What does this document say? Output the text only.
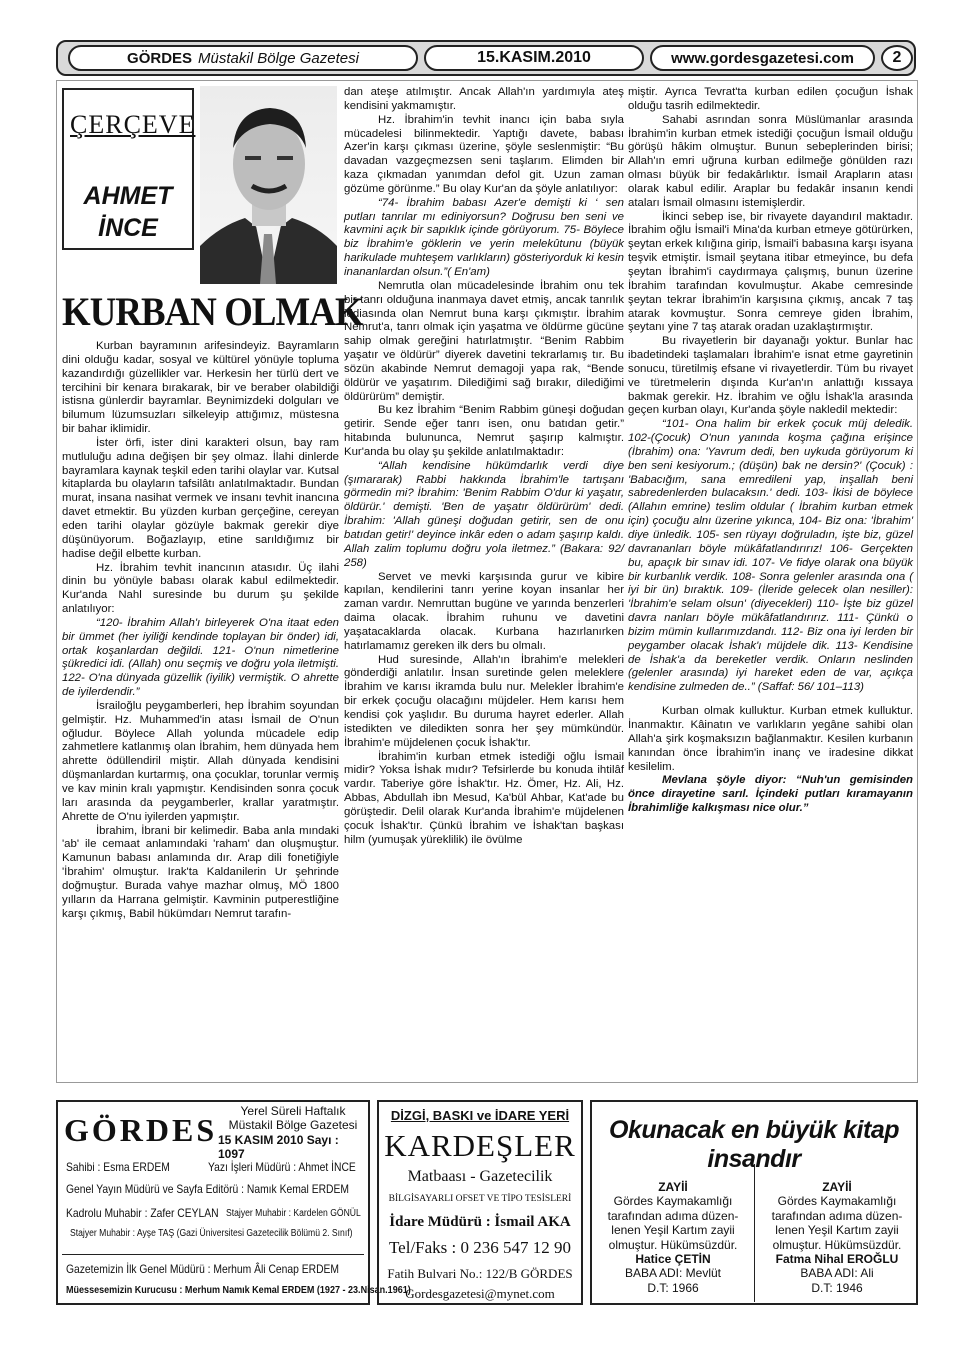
GÖRDES Müstakil Bölge Gazetesi	15.KASIM.2010	www.gordesgazetesi.com	2
ÇERÇEVE
AHMET
İNCE
KURBAN OLMAK

Kurban bayramının arifesindeyiz. Bayramların dini olduğu kadar, sosyal ve kültürel yönüyle topluma kazandırdığı güzellikler var. Herkesin her türlü dert ve tercihini bir kenara bırakarak, bir ve beraber olabildiği istisna günlerdir bayramlar. Beynimizdeki dolguları ve bilumum lüzumsuzları silkeleyip attığımız, müstesna bir bahar iklimidir.

İster örfi, ister dini karakteri olsun, bay ram mutluluğu adına değişen bir şey olmaz. İlahi dinlerde bayramlara kaynak teşkil eden tarihi olaylar var. Kutsal kitaplarda bu olayların tafsilâtı anlatılmaktadır. Bundan murat, insana nasihat vermek ve insanı tevhit inancına davet etmektir. Bu yüzden kurban gerçeğine, cereyan eden tarihi olaylar gözüyle bakmak gerekir diye düşünüyorum. Boğazlayıp, etine sarıldığımız bir hadise değil elbette kurban.

Hz. İbrahim tevhit inancının atasıdır. Üç ilahi dinin bu yönüyle babası olarak kabul edilmektedir. Kur'anda Nahl suresinde bu durum şu şekilde anlatılıyor:

“120- İbrahim Allah'ı birleyerek O'na itaat eden bir ümmet (her iyiliği kendinde toplayan bir önder) idi, ortak koşanlardan değildi. 121- O'nun nimetlerine şükredici idi. (Allah) onu seçmiş ve doğru yola iletmişti. 122- O'na dünyada güzellik (iyilik) vermiştik. O ahrette de iyilerdendir.”

İsrailoğlu peygamberleri, hep İbrahim soyundan gelmiştir. Hz. Muhammed'in atası İsmail de O'nun oğludur. Böylece Allah yolunda mücadele edip zahmetlere katlanmış olan İbrahim, hem dünyada hem ahrette ödüllendiril miştir. Allah dünyada kendisini düşmanlardan kurtarmış, ona çocuklar, torunlar vermiş ve kav minin kralı yapmıştır. Kendisinden sonra çocuk ları arasında da peygamberler, krallar yaratmıştır. Ahrette de O'nu iyilerden yapmıştır.

İbrahim, İbrani bir kelimedir. Baba anla mındaki 'ab' ile cemaat anlamındaki 'raham' dan oluşmuştur. Kamunun babası anlamında dır. Arap dili fonetiğiyle 'İbrahim' olmuştur. Irak'ta Kaldanilerin Ur şehrinde doğmuştur. Burada vahye mazhar olmuş, MÖ 1800 yılların da Harrana gelmiştir. Kavminin putperestliğine karşı çıkmış, Babil hükümdarı Nemrut tarafın-

dan ateşe atılmıştır. Ancak Allah'ın yardımıyla ateş kendisini yakmamıştır.

Hz. İbrahim'in tevhit inancı için baba sıyla mücadelesi bilinmektedir. Yaptığı davete, babası Azer'in karşı çıkması üzerine, şöyle seslenmiştir: “Bu davadan vazgeçmezsen seni taşlarım. Elimden bir kaza çıkmadan yanımdan defol git. Uzun zaman gözüme görünme.” Bu olay Kur'an da şöyle anlatılıyor:

“74- İbrahim babası Azer'e demişti ki ‘ sen putları tanrılar mı ediniyorsun? Doğrusu ben seni ve kavmini açık bir sapıklık içinde görüyorum. 75- Böylece biz İbrahim'e göklerin ve yerin melekûtunu (büyük harikulade muhteşem varlıkların) gösteriyorduk ki kesin inananlardan olsun.”( En'am)

Nemrutla olan mücadelesinde İbrahim onu tek bir tanrı olduğuna inanmaya davet etmiş, ancak tanrılık iddiasında olan Nemrut buna karşı çıkmıştır. İbrahim Nemrut'a, tanrı olmak için yaşatma ve öldürme gücüne sahip olmak gereğini hatırlatmıştır. “Benim Rabbim yaşatır ve öldürür” diyerek davetini tekrarlamış tır. Bu sözün akabinde Nemrut demagoji yapa rak, “Bende öldürür ve yaşatırım. Dilediğimi sağ bırakır, dilediğimi öldürürüm” demiştir.

Bu kez İbrahim “Benim Rabbim güneşi doğudan getirir. Sende eğer tanrı isen, onu batıdan getir.” hitabında bulununca, Nemrut şaşırıp kalmıştır. Kur'anda bu olay şu şekilde anlatılmaktadır:

“Allah kendisine hükümdarlık verdi diye (şımararak) Rabbi hakkında İbrahim'le tartışanı görmedin mi? İbrahim: 'Benim Rabbim O'dur ki yaşatır, öldürür.' demişti. 'Ben de yaşatır öldürürüm' dedi. İbrahim: 'Allah güneşi doğudan getirir, sen de onu batıdan getir!' deyince inkâr eden o adam şaşırıp kaldı. Allah zalim toplumu doğru yola iletmez.” (Bakara: 92/ 258)

Servet ve mevki karşısında gurur ve kibire kapılan, kendilerini tanrı yerine koyan insanlar her zaman vardır. Nemruttan bugüne ve yarında benzerleri daima olacak. İbrahim ruhunu ve davetini yaşatacaklarda olacak. Kurbana hazırlanırken hatırlamamız gereken ilk ders bu olmalı.

Hud suresinde, Allah'ın İbrahim'e melekleri gönderdiği anlatılır. İnsan suretinde gelen meleklere İbrahim ve karısı ikramda bulu nur. Melekler İbrahim'e bir erkek çocuğu olacağını müjdeler. Hem karısı hem kendisi çok yaşlıdır. Bu duruma hayret ederler. Allah istedikten ve diledikten sonra her şey mümkündür. İbrahim'e müjdelenen çocuk İshak'tır.

İbrahim'in kurban etmek istediği oğlu İsmail midir? Yoksa İshak mıdır? Tefsirlerde bu konuda ihtilâf vardır. Taberiye göre İshak'tır. Hz. Ömer, Hz. Ali, Hz. Abbas, Abdullah ibn Mesud, Ka'bül Ahbar, Kat'ade bu görüştedir. Delil olarak Kur'anda İbrahim'e müjdelenen çocuk İshak'tır. Çünkü İbrahim ve İshak'tan başkası hilm (yumuşak yüreklilik) ile övülme

miştir. Ayrıca Tevrat'ta kurban edilen çocuğun İshak olduğu tasrih edilmektedir.

Sahabi asrından sonra Müslümanlar arasında İbrahim'in kurban etmek istediği çocuğun İsmail olduğu görüşü hâkim olmuştur. Bunun sebeplerinden birisi; Allah'ın emri uğruna kurban edilmeğe gönülden razı olması büyük bir fedakârlıktır. İsmail Arapların atası olarak kabul edilir. Araplar bu fedakâr insanın kendi ataları İsmail olmasını istemişlerdir.

İkinci sebep ise, bir rivayete dayandırıl maktadır. İbrahim oğlu İsmail'i Mina'da kurban etmeye götürürken, şeytan erkek kılığına girip, İsmail'i babasına karşı isyana teşvik etmiştir. İsmail şeytana itibar etmeyince, bu defa şeytan İbrahim'i caydırmaya çalışmış, bunun üzerine İbrahim tarafından kovulmuştur. Akabe cemresinde şeytan tekrar İbrahim'in karşısına çıkmış, ancak 7 taş atarak kovmuştur. Sonra cemreye giden İbrahim, şeytanı yine 7 taş atarak oradan uzaklaştırmıştır.

Bu rivayetlerin bir dayanağı yoktur. Bunlar hac ibadetindeki taşlamaları İbrahim'e isnat etme gayretinin sonucu, türetilmiş efsane vi rivayetlerdir. Tüm bu rivayet ve türetmelerin dışında Kur'an'ın anlattığı kıssaya bakmak gerekir. Hz. İbrahim ve oğlu İshak'la arasında geçen kurban olayı, Kur'anda şöyle nakledil mektedir:

“101- Ona halim bir erkek çocuk müj deledik. 102-(Çocuk) O'nun yanında koşma çağına erişince (İbrahim) ona: 'Yavrum dedi, ben uykuda görüyorum ki ben seni kesiyorum.; (düşün) bak ne dersin?' (Çocuk) : 'Babacığım, sana emredileni yap, inşallah beni sabredenlerden bulacaksın.' dedi. 103- İkisi de böylece (Allahın emrine) teslim oldular ( İbrahim kurban etmek için) çocuğu alnı üzerine yıkınca, 104- Biz ona: 'İbrahim' diye ünledik. 105- sen rüyayı doğruladın, işte biz, güzel davrananları böyle mükâfatlandırırız! 106- Gerçekten bu, apaçık bir sınav idi. 107- Ve fidye olarak ona büyük bir kurbanlık verdik. 108- Sonra gelenler arasında ona ( iyi bir ün) bıraktık. 109- (İleride gelecek olan nesiller): 'İbrahim'e selam olsun' (diyecekleri) 110- İşte biz güzel davra nanları böyle mükâfatlandırırız. 111- Çünkü o bizim mümin kullarımızdandı. 112- Biz ona iyi lerden bir peygamber olacak İshak'ı müjdele dik. 113- Kendisine de İshak'a da bereketler verdik. Onların neslinden (gelenler arasında) iyi hareket eden de var, açıkça kendisine zulmeden de..” (Saffaf: 56/ 101–113)

Kurban olmak kulluktur. Kurban etmek kulluktur. İnanmaktır. Kâinatın ve varlıkların yegâne sahibi olan Allah'a şirk koşmaksızın bağlanmaktır. Kesilen kurbanın kanından önce İbrahim'in inanç ve iradesine dikkat kesilelim.

Mevlana şöyle diyor: “Nuh'un gemisinden önce dirayetine sarıl. İçindeki putları kıramayanın İbrahimliğe kalkışması nice olur.”

GÖRDES
Yerel Süreli Haftalık
Müstakil Bölge Gazetesi
15 KASIM 2010 Sayı : 1097
Sahibi : Esma ERDEM	Yazı İşleri Müdürü : Ahmet İNCE
Genel Yayın Müdürü ve Sayfa Editörü : Namık Kemal ERDEM
Kadrolu Muhabir : Zafer CEYLAN Stajyer Muhabir : Kardelen GÖNÜL
Stajyer Muhabir : Ayşe TAŞ (Gazi Üniversitesi Gazetecilik Bölümü 2. Sınıf)
Gazetemizin İlk Genel Müdürü : Merhum Âli Cenap ERDEM
Müessesemizin Kurucusu : Merhum Namık Kemal ERDEM (1927 - 23.Nisan.1961)
DİZGİ, BASKI ve İDARE YERİ
KARDEŞLER
Matbaası - Gazetecilik
BİLGİSAYARLI OFSET VE TİPO TESİSLERİ
İdare Müdürü : İsmail AKA
Tel/Faks : 0 236 547 12 90
Fatih Bulvari No.: 122/B GÖRDES
Gordesgazetesi@mynet.com
Okunacak en büyük kitap insandır
ZAYİİ
Gördes Kaymakamlığı
tarafından adıma düzen-
lenen Yeşil Kartım zayii
olmuştur. Hükümsüzdür.
Hatice ÇETİN
BABA ADI: Mevlüt
D.T: 1966
ZAYİİ
Gördes Kaymakamlığı
tarafından adıma düzen-
lenen Yeşil Kartım zayii
olmuştur. Hükümsüzdür.
Fatma Nihal EROĞLU
BABA ADI: Ali
D.T: 1946
